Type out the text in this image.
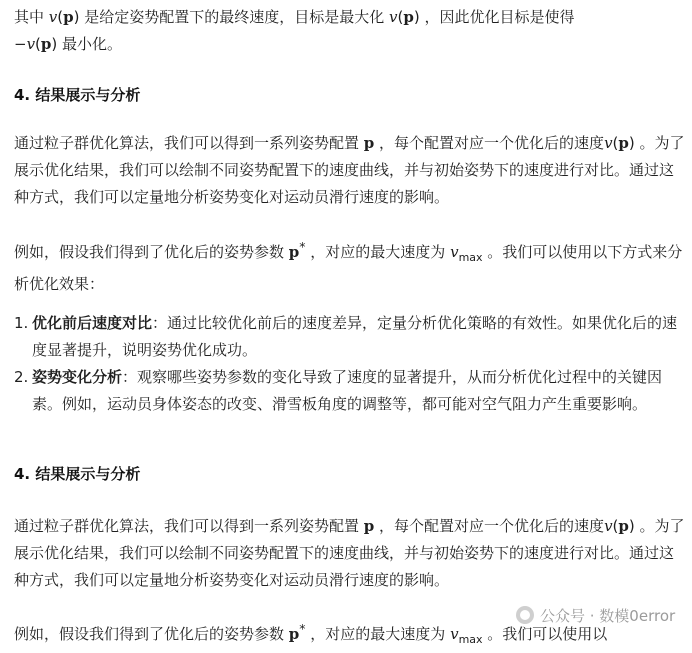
其中 v(p) 是给定姿势配置下的最终速度，目标是最大化 v(p) ，因此优化目标是使得
−v(p) 最小化。

4. 结果展示与分析

通过粒子群优化算法，我们可以得到一系列姿势配置 p ，每个配置对应一个优化后的速度v(p) 。为了展示优化结果，我们可以绘制不同姿势配置下的速度曲线，并与初始姿势下的速度进行对比。通过这种方式，我们可以定量地分析姿势变化对运动员滑行速度的影响。

例如，假设我们得到了优化后的姿势参数 p* ，对应的最大速度为 $v_{max}$ 。我们可以使用以下方式来分析优化效果：

1. 优化前后速度对比：通过比较优化前后的速度差异，定量分析优化策略的有效性。如果优化后的速度显著提升，说明姿势优化成功。
2. 姿势变化分析：观察哪些姿势参数的变化导致了速度的显著提升，从而分析优化过程中的关键因素。例如，运动员身体姿态的改变、滑雪板角度的调整等，都可能对空气阻力产生重要影响。
4. 结果展示与分析

通过粒子群优化算法，我们可以得到一系列姿势配置 p ，每个配置对应一个优化后的速度v(p) 。为了展示优化结果，我们可以绘制不同姿势配置下的速度曲线，并与初始姿势下的速度进行对比。通过这种方式，我们可以定量地分析姿势变化对运动员滑行速度的影响。

例如，假设我们得到了优化后的姿势参数 p* ，对应的最大速度为 $v_{max}$ 。我们可以使用以

公众号 · 数模0error
